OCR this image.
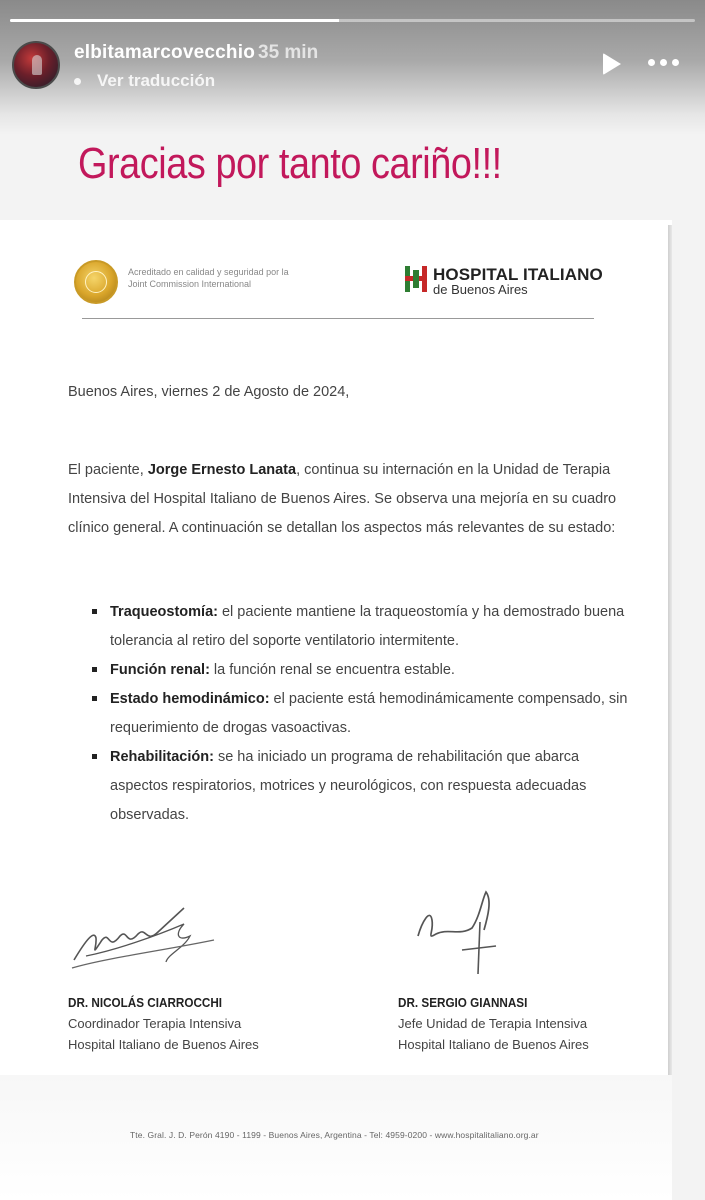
elbitamarcovecchio 35 min
Ver traducción
Gracias por tanto cariño!!!
Acreditado en calidad y seguridad por la Joint Commission International	HOSPITAL ITALIANO
de Buenos Aires
Buenos Aires, viernes 2 de Agosto de 2024,
El paciente, Jorge Ernesto Lanata, continua su internación en la Unidad de Terapia Intensiva del Hospital Italiano de Buenos Aires. Se observa una mejoría en su cuadro clínico general. A continuación se detallan los aspectos más relevantes de su estado:
Traqueostomía: el paciente mantiene la traqueostomía y ha demostrado buena tolerancia al retiro del soporte ventilatorio intermitente.
Función renal: la función renal se encuentra estable.
Estado hemodinámico: el paciente está hemodinámicamente compensado, sin requerimiento de drogas vasoactivas.
Rehabilitación: se ha iniciado un programa de rehabilitación que abarca aspectos respiratorios, motrices y neurológicos, con respuesta adecuadas observadas.
DR. NICOLÁS CIARROCCHI
Coordinador Terapia Intensiva
Hospital Italiano de Buenos Aires
DR. SERGIO GIANNASI
Jefe Unidad de Terapia Intensiva
Hospital Italiano de Buenos Aires
Tte. Gral. J. D. Perón 4190 - 1199 - Buenos Aires, Argentina - Tel: 4959-0200 - www.hospitalitaliano.org.ar
